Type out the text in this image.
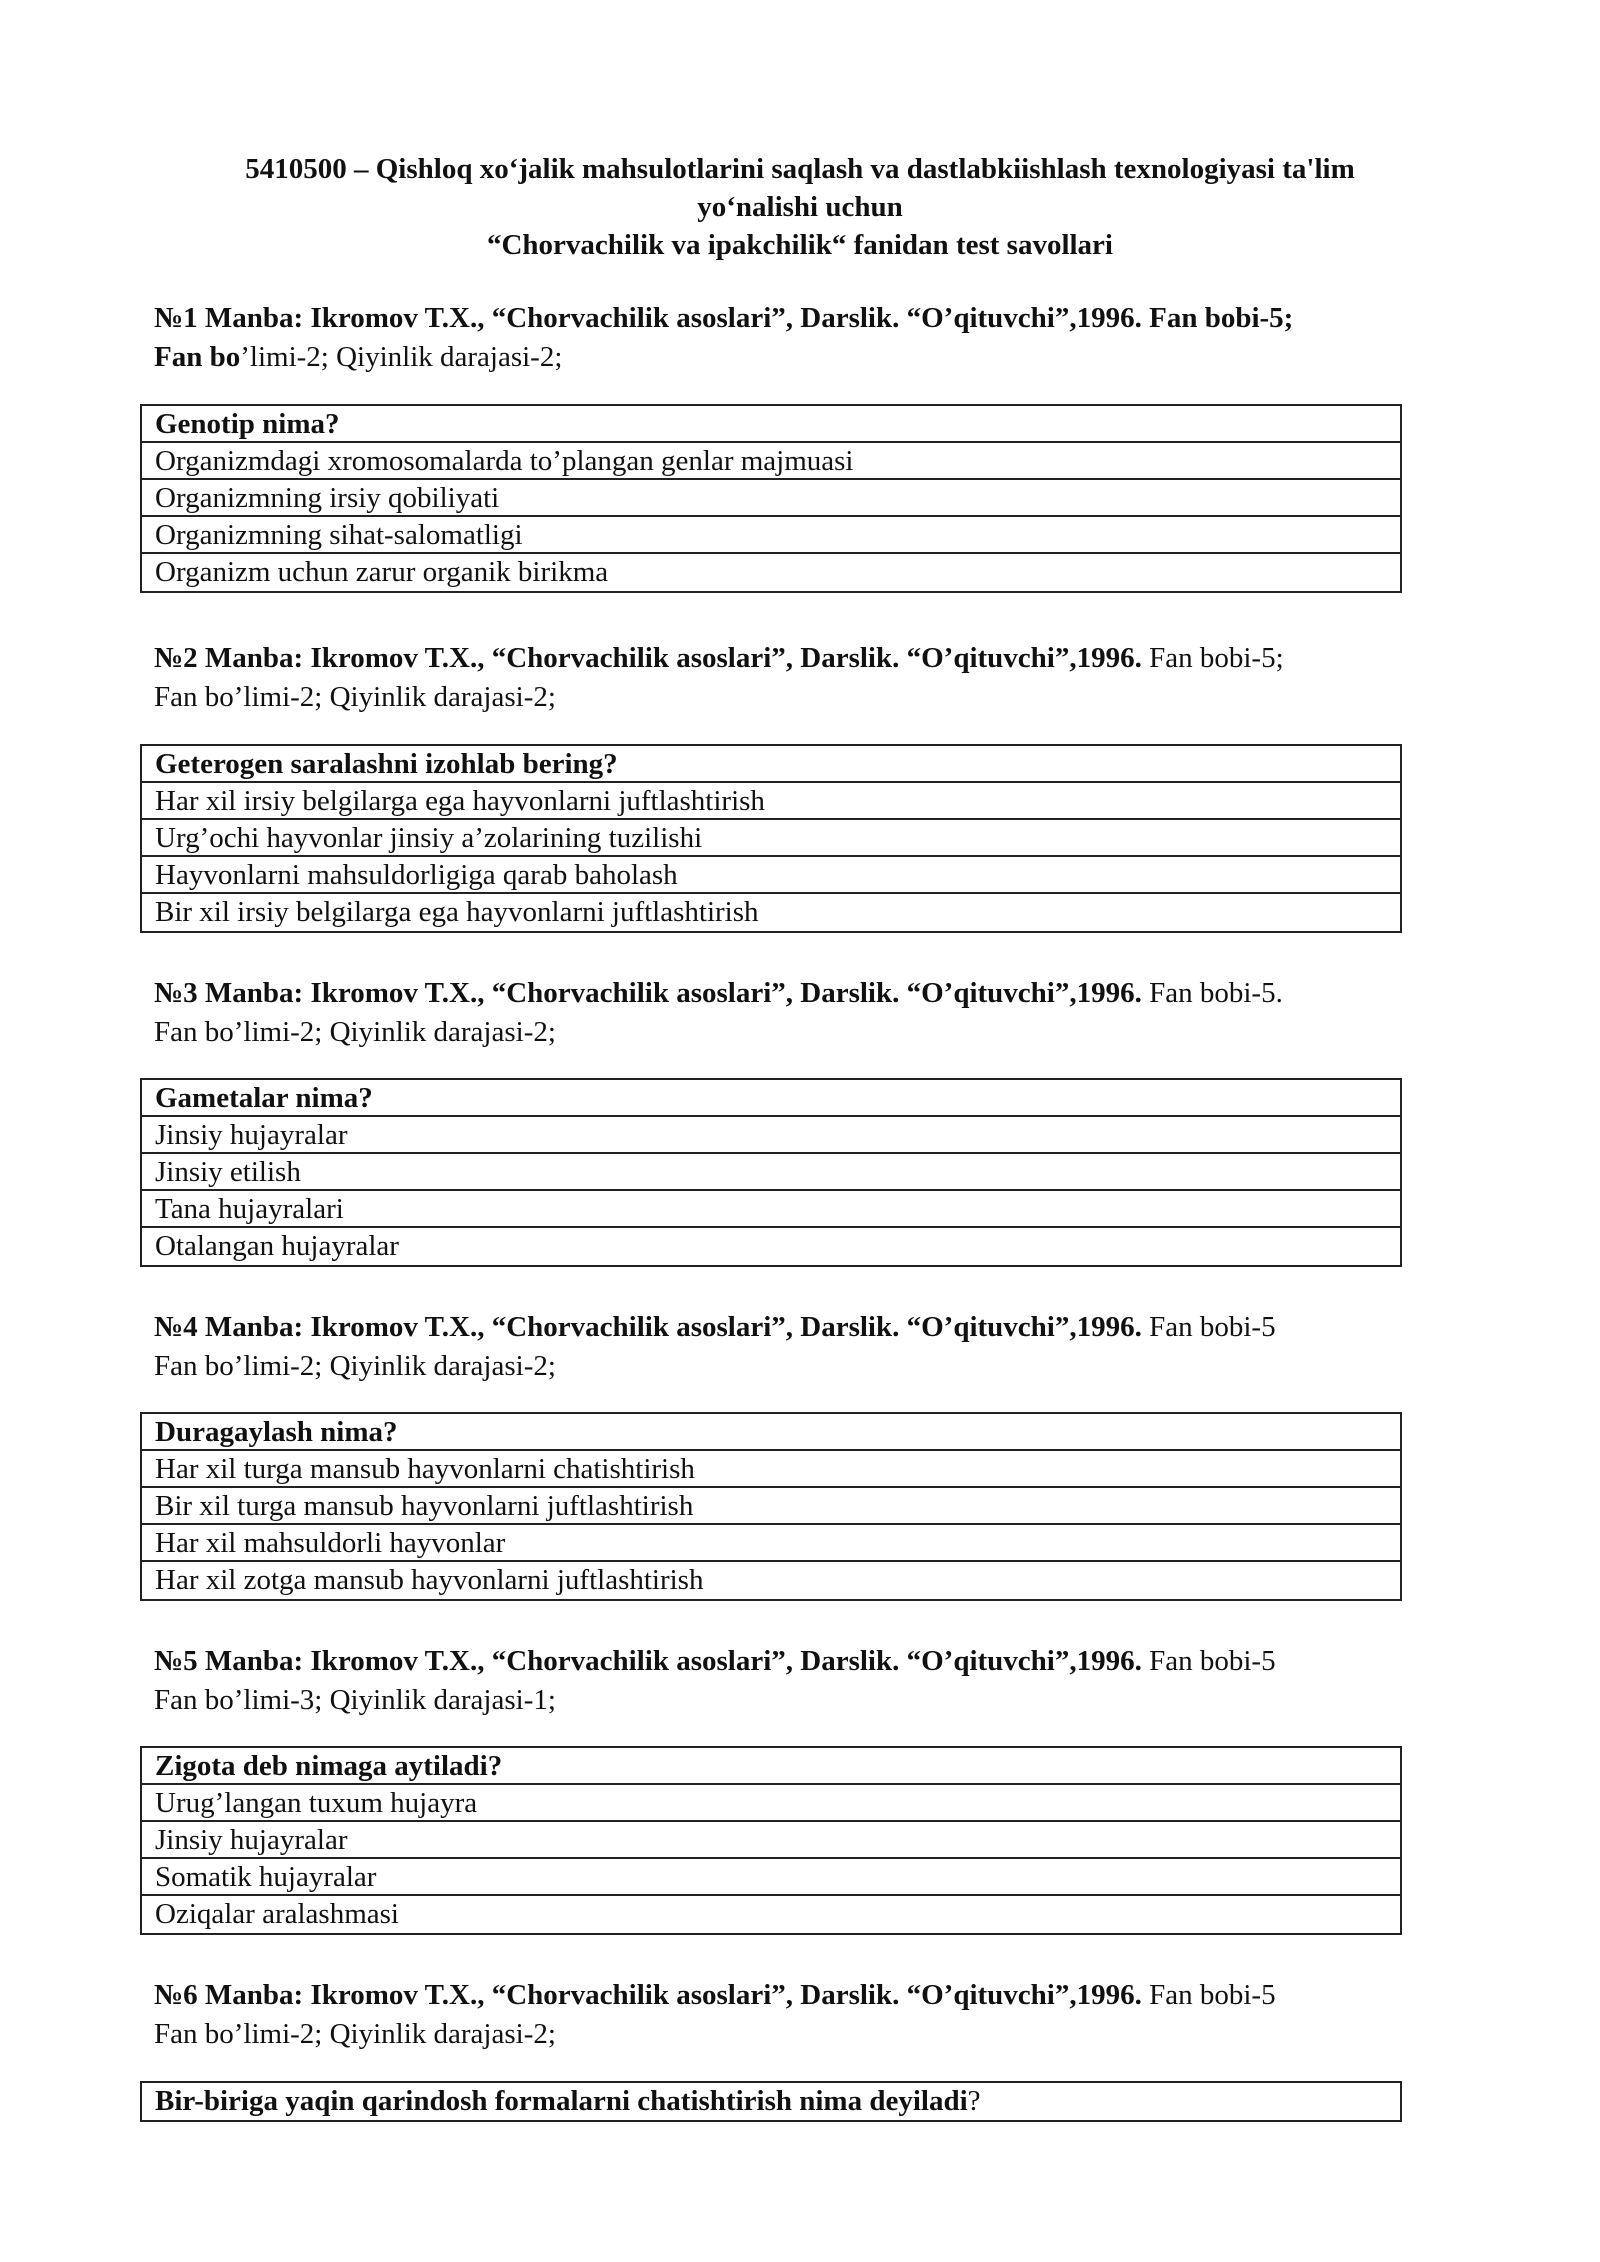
5410500 – Qishloq xo‘jalik mahsulotlarini saqlash va dastlabkiishlash texnologiyasi ta'lim
yo‘nalishi uchun
“Chorvachilik va ipakchilik“ fanidan test savollari
№1 Manba: Ikromov T.X., “Chorvachilik asoslari”, Darslik. “O’qituvchi”,1996. Fan bobi-5;
Fan bo’limi-2; Qiyinlik darajasi-2;
Genotip nima?
Organizmdagi xromosomalarda to’plangan genlar majmuasi
Organizmning irsiy qobiliyati
Organizmning sihat-salomatligi
Organizm uchun zarur organik birikma
№2 Manba: Ikromov T.X., “Chorvachilik asoslari”, Darslik. “O’qituvchi”,1996. Fan bobi-5;
Fan bo’limi-2; Qiyinlik darajasi-2;
Geterogen saralashni izohlab bering?
Har xil irsiy belgilarga ega hayvonlarni juftlashtirish
Urg’ochi hayvonlar jinsiy a’zolarining tuzilishi
Hayvonlarni mahsuldorligiga qarab baholash
Bir xil irsiy belgilarga ega hayvonlarni juftlashtirish
№3 Manba: Ikromov T.X., “Chorvachilik asoslari”, Darslik. “O’qituvchi”,1996. Fan bobi-5.
Fan bo’limi-2; Qiyinlik darajasi-2;
Gametalar nima?
Jinsiy hujayralar
Jinsiy etilish
Tana hujayralari
Otalangan hujayralar
№4 Manba: Ikromov T.X., “Chorvachilik asoslari”, Darslik. “O’qituvchi”,1996. Fan bobi-5
Fan bo’limi-2; Qiyinlik darajasi-2;
Duragaylash nima?
Har xil turga mansub hayvonlarni chatishtirish
Bir xil turga mansub hayvonlarni juftlashtirish
Har xil mahsuldorli hayvonlar
Har xil zotga mansub hayvonlarni juftlashtirish
№5 Manba: Ikromov T.X., “Chorvachilik asoslari”, Darslik. “O’qituvchi”,1996. Fan bobi-5
Fan bo’limi-3; Qiyinlik darajasi-1;
Zigota deb nimaga aytiladi?
Urug’langan tuxum hujayra
Jinsiy hujayralar
Somatik hujayralar
Oziqalar aralashmasi
№6 Manba: Ikromov T.X., “Chorvachilik asoslari”, Darslik. “O’qituvchi”,1996. Fan bobi-5
Fan bo’limi-2; Qiyinlik darajasi-2;
Bir-biriga yaqin qarindosh formalarni chatishtirish nima deyiladi?
